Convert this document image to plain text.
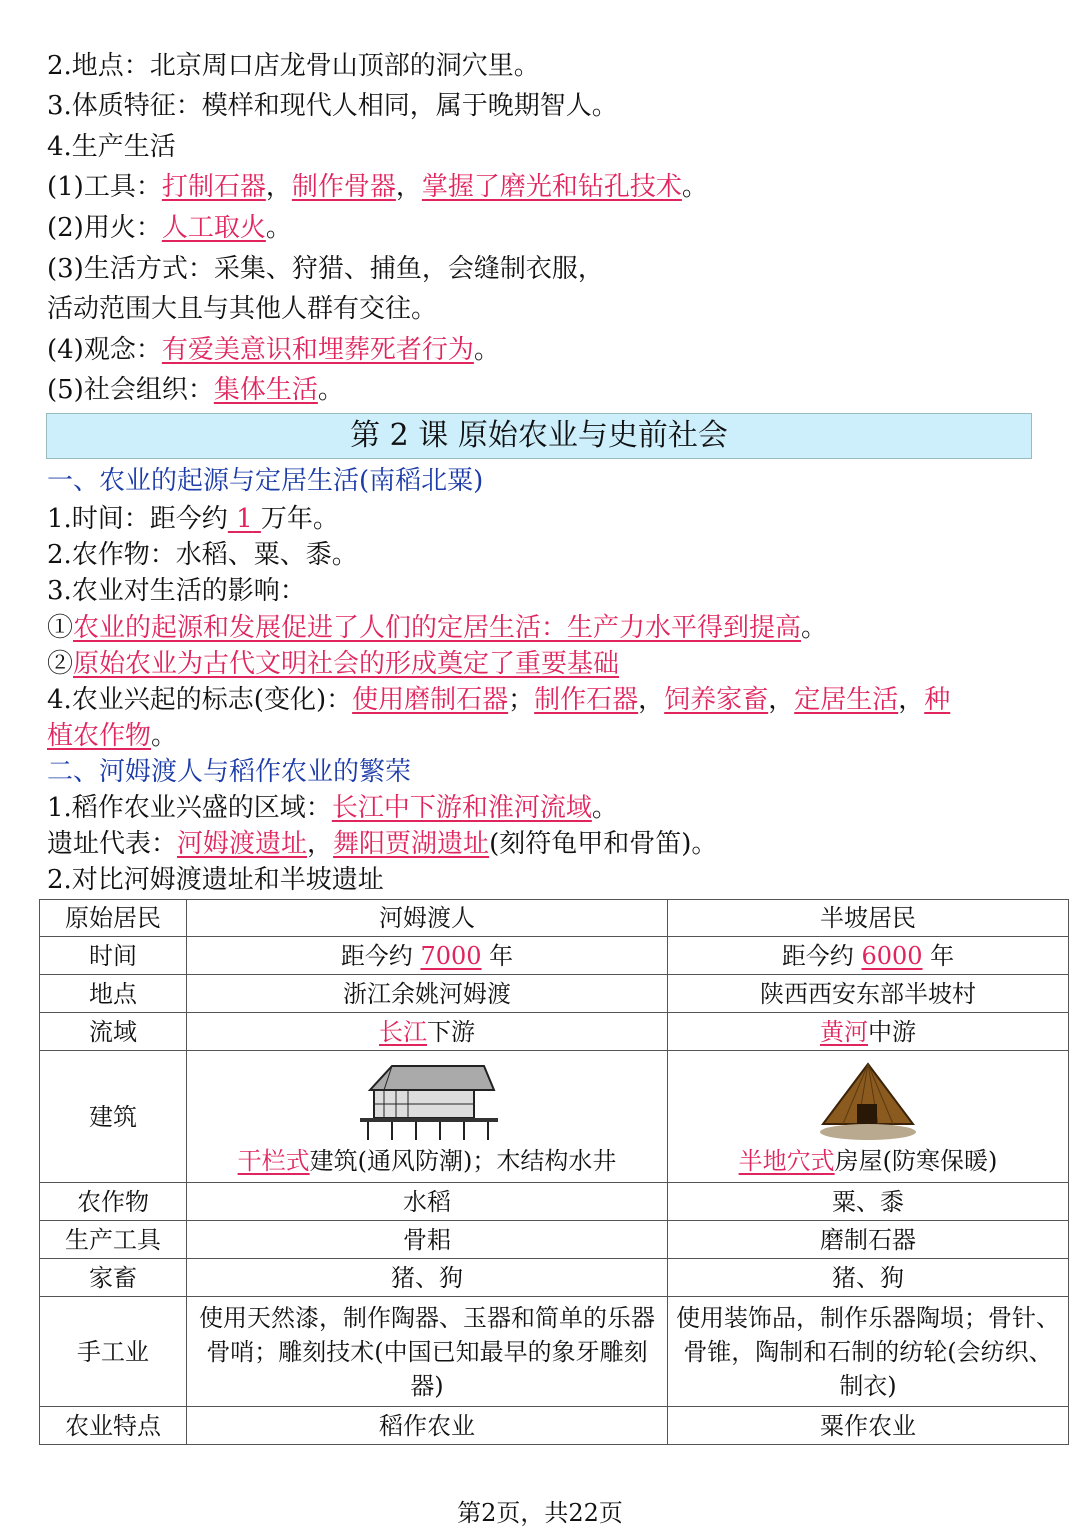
2.地点：北京周口店龙骨山顶部的洞穴里。
3.体质特征：模样和现代人相同，属于晚期智人。
4.生产生活
(1)工具：打制石器，制作骨器，掌握了磨光和钻孔技术。
(2)用火：人工取火。
(3)生活方式：采集、狩猎、捕鱼，会缝制衣服，
活动范围大且与其他人群有交往。
(4)观念：有爱美意识和埋葬死者行为。
(5)社会组织：集体生活。
第 2 课 原始农业与史前社会
一、农业的起源与定居生活(南稻北粟)
1.时间：距今约 1 万年。
2.农作物：水稻、粟、黍。
3.农业对生活的影响：
①农业的起源和发展促进了人们的定居生活：生产力水平得到提高。
②原始农业为古代文明社会的形成奠定了重要基础
4.农业兴起的标志(变化)：使用磨制石器；制作石器，饲养家畜，定居生活，种
植农作物。
二、河姆渡人与稻作农业的繁荣
1.稻作农业兴盛的区域：长江中下游和淮河流域。
遗址代表：河姆渡遗址，舞阳贾湖遗址(刻符龟甲和骨笛)。
2.对比河姆渡遗址和半坡遗址
原始居民	河姆渡人	半坡居民
时间	距今约 7000 年	距今约 6000 年
地点	浙江余姚河姆渡	陕西西安东部半坡村
流域	长江下游	黄河中游
建筑	干栏式建筑(通风防潮)；木结构水井	半地穴式房屋(防寒保暖)

农作物	水稻	粟、黍
生产工具	骨耜	磨制石器
家畜	猪、狗	猪、狗
手工业	使用天然漆，制作陶器、玉器和简单的乐器骨哨；雕刻技术(中国已知最早的象牙雕刻器)	使用装饰品，制作乐器陶埙；骨针、骨锥，陶制和石制的纺轮(会纺织、制衣)
农业特点	稻作农业	粟作农业
第2页，共22页
